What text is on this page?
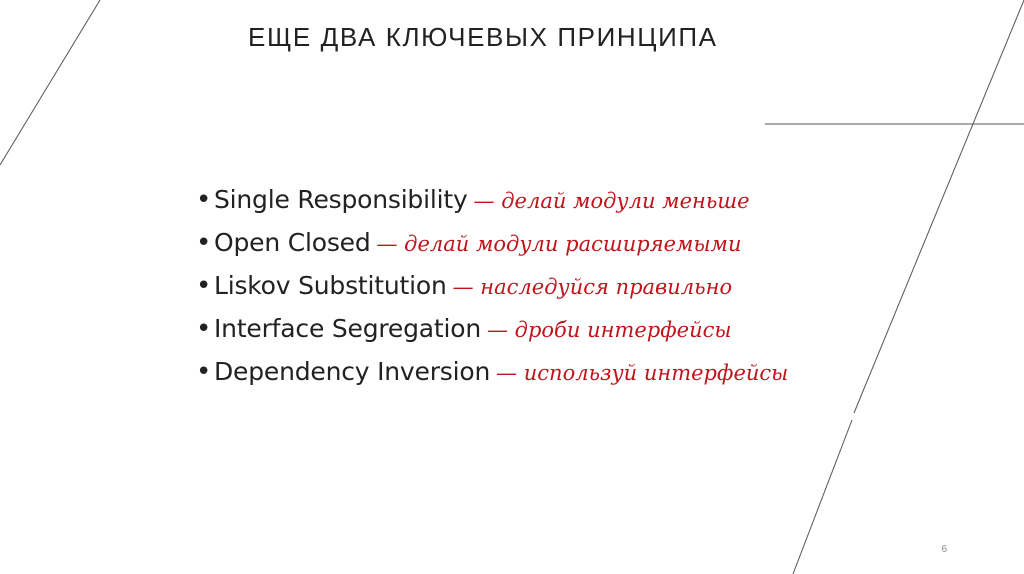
ЕЩЕ ДВА КЛЮЧЕВЫХ ПРИНЦИПА
• Single Responsibility — делай модули меньше
• Open Closed — делай модули расширяемыми
• Liskov Substitution — наследуйся правильно
• Interface Segregation — дроби интерфейсы
• Dependency Inversion — используй интерфейсы
6
